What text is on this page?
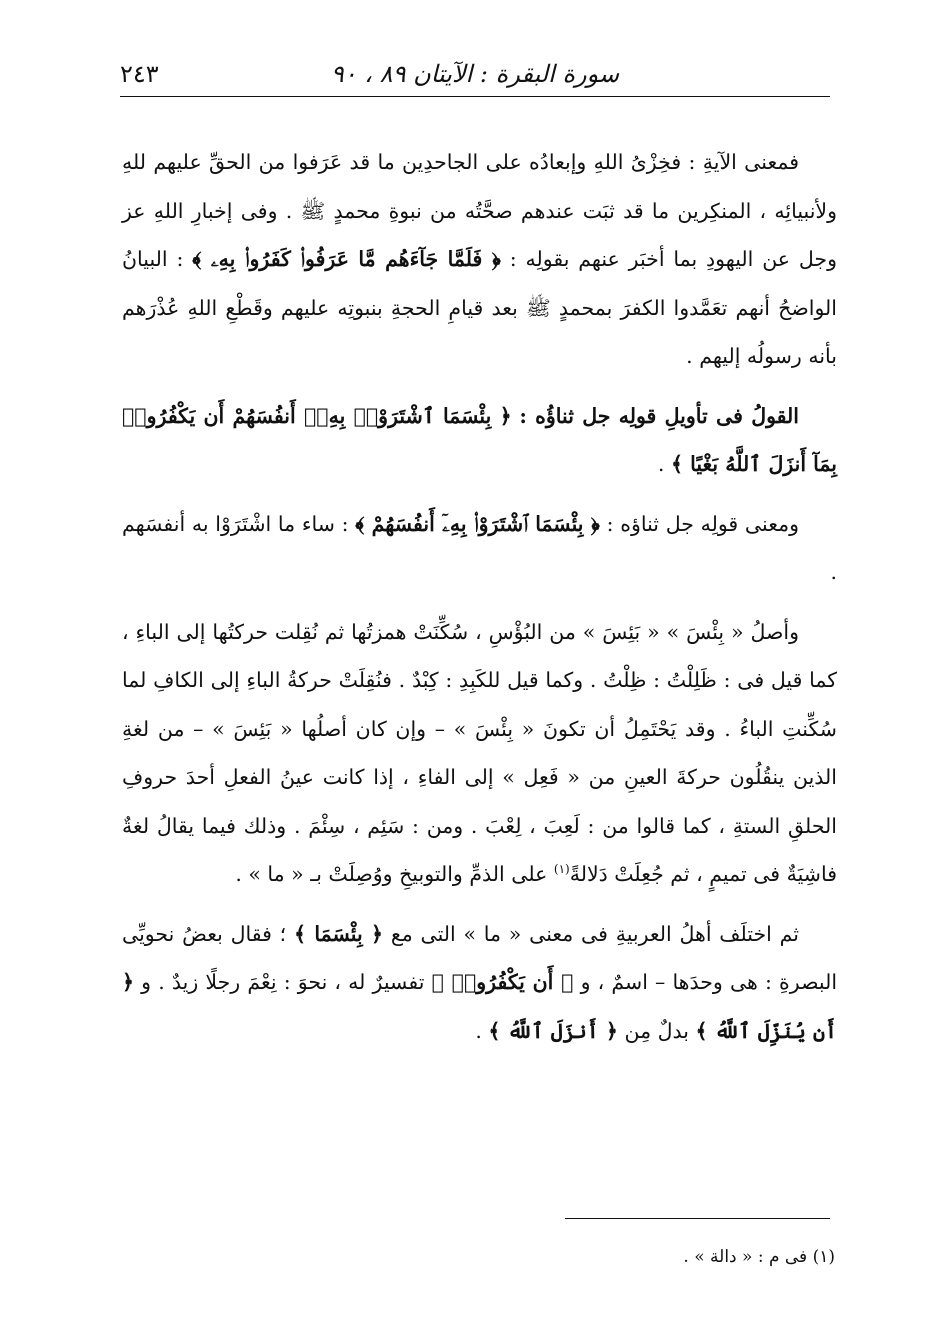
سورة البقرة : الآيتان ٨٩ ، ٩٠
٢٤٣

فمعنى الآيةِ : فخِزْىُ اللهِ وإبعادُه على الجاحدِين ما قد عَرَفوا من الحقِّ عليهم للهِ ولأنبيائِه ، المنكِرين ما قد ثبَت عندهم صحَّتُه من نبوةِ محمدٍ ﷺ . وفى إخبارِ اللهِ عز وجل عن اليهودِ بما أخبَر عنهم بقولِه : ﴿ فَلَمَّا جَآءَهُم مَّا عَرَفُوا۟ كَفَرُوا۟ بِهِۦ ﴾ : البيانُ الواضحُ أنهم تعَمَّدوا الكفرَ بمحمدٍ ﷺ بعد قيامِ الحجةِ بنبوتِه عليهم وقَطْعِ اللهِ عُذْرَهم بأنه رسولُه إليهم .

القولُ فى تأويلِ قولِه جل ثناؤُه : ﴿ بِئْسَمَا ٱشْتَرَوْا۟ بِهِۦٓ أَنفُسَهُمْ أَن يَكْفُرُوا۟ بِمَآ أَنزَلَ ٱللَّهُ بَغْيًا ﴾ .

ومعنى قولِه جل ثناؤه : ﴿ بِئْسَمَا ٱشْتَرَوْا۟ بِهِۦٓ أَنفُسَهُمْ ﴾ : ساء ما اشْتَرَوْا به أنفسَهم .

وأصلُ « بِئْسَ » « بَئِسَ » من البُؤْسِ ، سُكِّنَتْ همزتُها ثم نُقِلت حركتُها إلى الباءِ ، كما قيل فى : ظَلِلْتُ : ظِلْتُ . وكما قيل للكَبِدِ : كِبْدٌ . فنُقِلَتْ حركةُ الباءِ إلى الكافِ لما سُكِّنتِ الباءُ . وقد يَحْتَمِلُ أن تكونَ « بِئْسَ » – وإن كان أصلُها « بَئِسَ » – من لغةِ الذين ينقُلُون حركةَ العينِ من « فَعِل » إلى الفاءِ ، إذا كانت عينُ الفعلِ أحدَ حروفِ الحلقِ الستةِ ، كما قالوا من : لَعِبَ ، لِعْبَ . ومن : سَئِم ، سِئْمَ . وذلك فيما يقالُ لغةٌ فاشِيَةٌ فى تميمٍ ، ثم جُعِلَتْ دَلالةً$^{(١)}$ على الذمِّ والتوبيخِ ووُصِلَتْ بـ « ما » .

ثم اختلَف أهلُ العربيةِ فى معنى « ما » التى مع ﴿ بِئْسَمَا ﴾ ؛ فقال بعضُ نحويِّى البصرةِ : هى وحدَها – اسمٌ ، و ﴿ أَن يَكْفُرُوا۟ ﴾ تفسيرٌ له ، نحوَ : نِعْمَ رجلًا زيدٌ . و ﴿ أَن يُنَزِّلَ ٱللَّهُ ﴾ بدلٌ مِن ﴿ أَنزَلَ ٱللَّهُ ﴾ .

(١) فى م : « دالة » .
